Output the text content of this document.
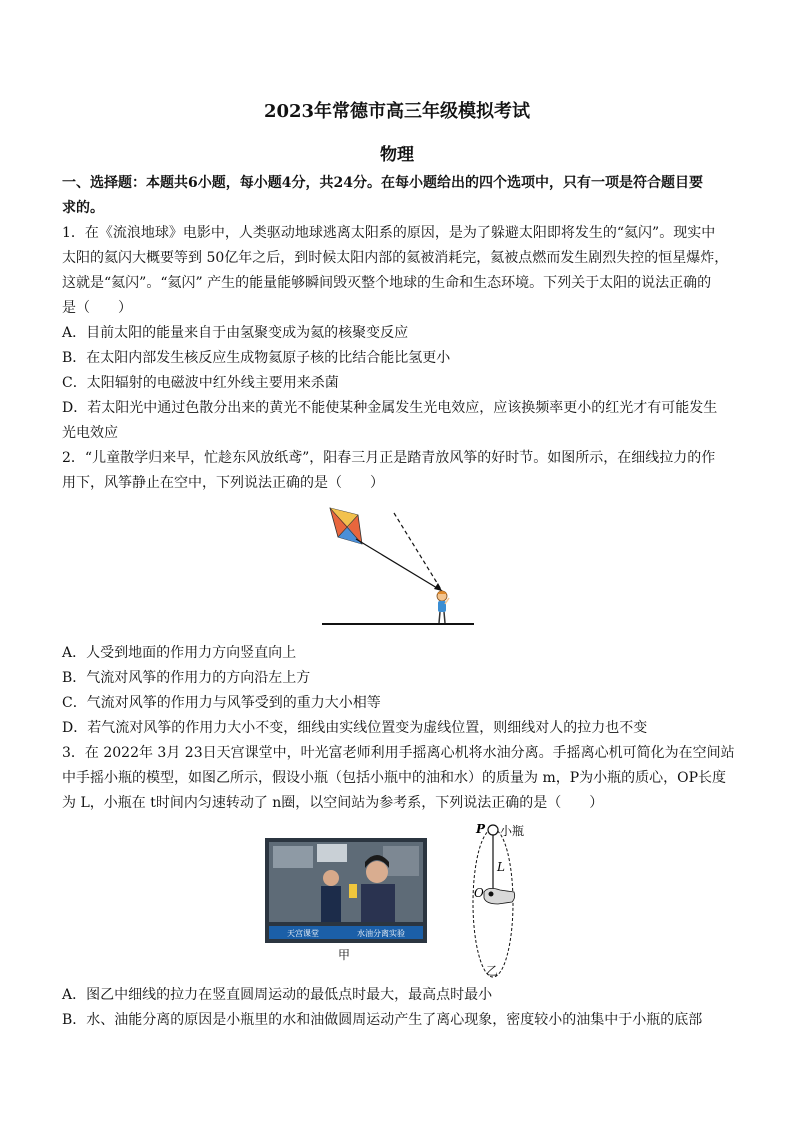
2023年常德市高三年级模拟考试
物理
一、选择题：本题共6小题，每小题4分，共24分。在每小题给出的四个选项中，只有一项是符合题目要
求的。
1．在《流浪地球》电影中，人类驱动地球逃离太阳系的原因，是为了躲避太阳即将发生的“氦闪”。现实中
太阳的氦闪大概要等到 50亿年之后，到时候太阳内部的氦被消耗完，氦被点燃而发生剧烈失控的恒星爆炸，
这就是“氦闪”。“氦闪” 产生的能量能够瞬间毁灭整个地球的生命和生态环境。下列关于太阳的说法正确的
是（　　）
A．目前太阳的能量来自于由氢聚变成为氦的核聚变反应
B．在太阳内部发生核反应生成物氦原子核的比结合能比氢更小
C．太阳辐射的电磁波中红外线主要用来杀菌
D．若太阳光中通过色散分出来的黄光不能使某种金属发生光电效应，应该换频率更小的红光才有可能发生
光电效应
2．“儿童散学归来早，忙趁东风放纸鸢”，阳春三月正是踏青放风筝的好时节。如图所示，在细线拉力的作
用下，风筝静止在空中，下列说法正确的是（　　）
A．人受到地面的作用力方向竖直向上
B．气流对风筝的作用力的方向沿左上方
C．气流对风筝的作用力与风筝受到的重力大小相等
D．若气流对风筝的作用力大小不变，细线由实线位置变为虚线位置，则细线对人的拉力也不变
3．在 2022年 3月 23日天宫课堂中，叶光富老师利用手摇离心机将水油分离。手摇离心机可简化为在空间站
中手摇小瓶的模型，如图乙所示，假设小瓶（包括小瓶中的油和水）的质量为 m，P为小瓶的质心，OP长度
为 L，小瓶在 t时间内匀速转动了 n圈，以空间站为参考系，下列说法正确的是（　　）
天宫课堂	水油分离实验
甲
P 小瓶
L
O
乙
A．图乙中细线的拉力在竖直圆周运动的最低点时最大，最高点时最小
B．水、油能分离的原因是小瓶里的水和油做圆周运动产生了离心现象，密度较小的油集中于小瓶的底部
